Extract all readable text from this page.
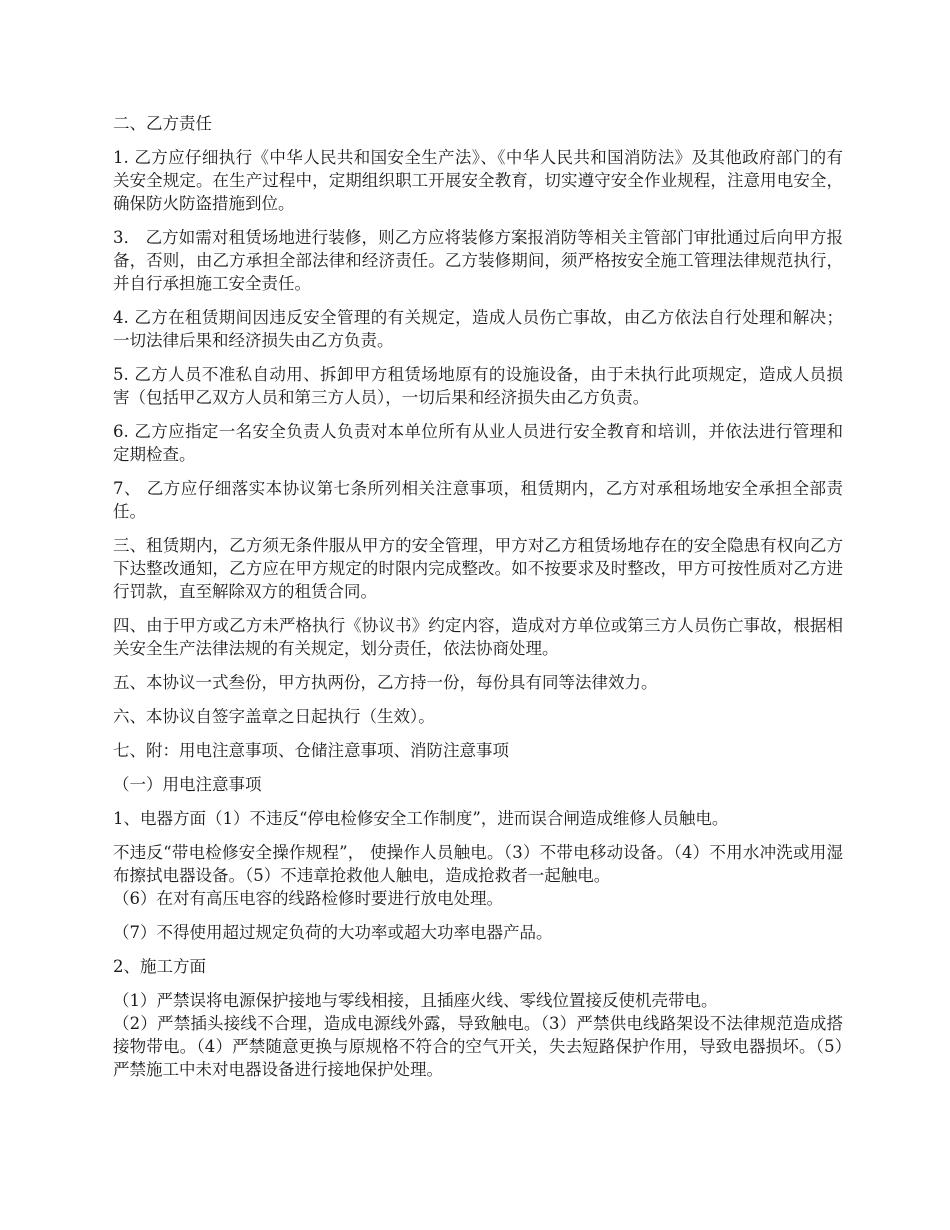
二、乙方责任

1. 乙方应仔细执行《中华人民共和国安全生产法》、《中华人民共和国消防法》及其他政府部门的有关安全规定。在生产过程中，定期组织职工开展安全教育，切实遵守安全作业规程，注意用电安全，确保防火防盗措施到位。

3． 乙方如需对租赁场地进行装修，则乙方应将装修方案报消防等相关主管部门审批通过后向甲方报备，否则，由乙方承担全部法律和经济责任。乙方装修期间，须严格按安全施工管理法律规范执行，并自行承担施工安全责任。

4. 乙方在租赁期间因违反安全管理的有关规定，造成人员伤亡事故，由乙方依法自行处理和解决；一切法律后果和经济损失由乙方负责。

5. 乙方人员不准私自动用、拆卸甲方租赁场地原有的设施设备，由于未执行此项规定，造成人员损害（包括甲乙双方人员和第三方人员），一切后果和经济损失由乙方负责。

6. 乙方应指定一名安全负责人负责对本单位所有从业人员进行安全教育和培训，并依法进行管理和定期检查。

7、 乙方应仔细落实本协议第七条所列相关注意事项，租赁期内，乙方对承租场地安全承担全部责任。

三、租赁期内，乙方须无条件服从甲方的安全管理，甲方对乙方租赁场地存在的安全隐患有权向乙方下达整改通知，乙方应在甲方规定的时限内完成整改。如不按要求及时整改，甲方可按性质对乙方进行罚款，直至解除双方的租赁合同。

四、由于甲方或乙方未严格执行《协议书》约定内容，造成对方单位或第三方人员伤亡事故，根据相关安全生产法律法规的有关规定，划分责任，依法协商处理。

五、本协议一式叁份，甲方执两份，乙方持一份，每份具有同等法律效力。

六、本协议自签字盖章之日起执行（生效）。

七、附：用电注意事项、仓储注意事项、消防注意事项

（一）用电注意事项

1、电器方面（1）不违反“停电检修安全工作制度”，进而误合闸造成维修人员触电。

不违反“带电检修安全操作规程”， 使操作人员触电。（3）不带电移动设备。（4）不用水冲洗或用湿布擦拭电器设备。（5）不违章抢救他人触电，造成抢救者一起触电。

（6）在对有高压电容的线路检修时要进行放电处理。

（7）不得使用超过规定负荷的大功率或超大功率电器产品。

2、施工方面

（1）严禁误将电源保护接地与零线相接，且插座火线、零线位置接反使机壳带电。

（2）严禁插头接线不合理，造成电源线外露，导致触电。（3）严禁供电线路架设不法律规范造成搭接物带电。（4）严禁随意更换与原规格不符合的空气开关，失去短路保护作用，导致电器损坏。（5）严禁施工中未对电器设备进行接地保护处理。
